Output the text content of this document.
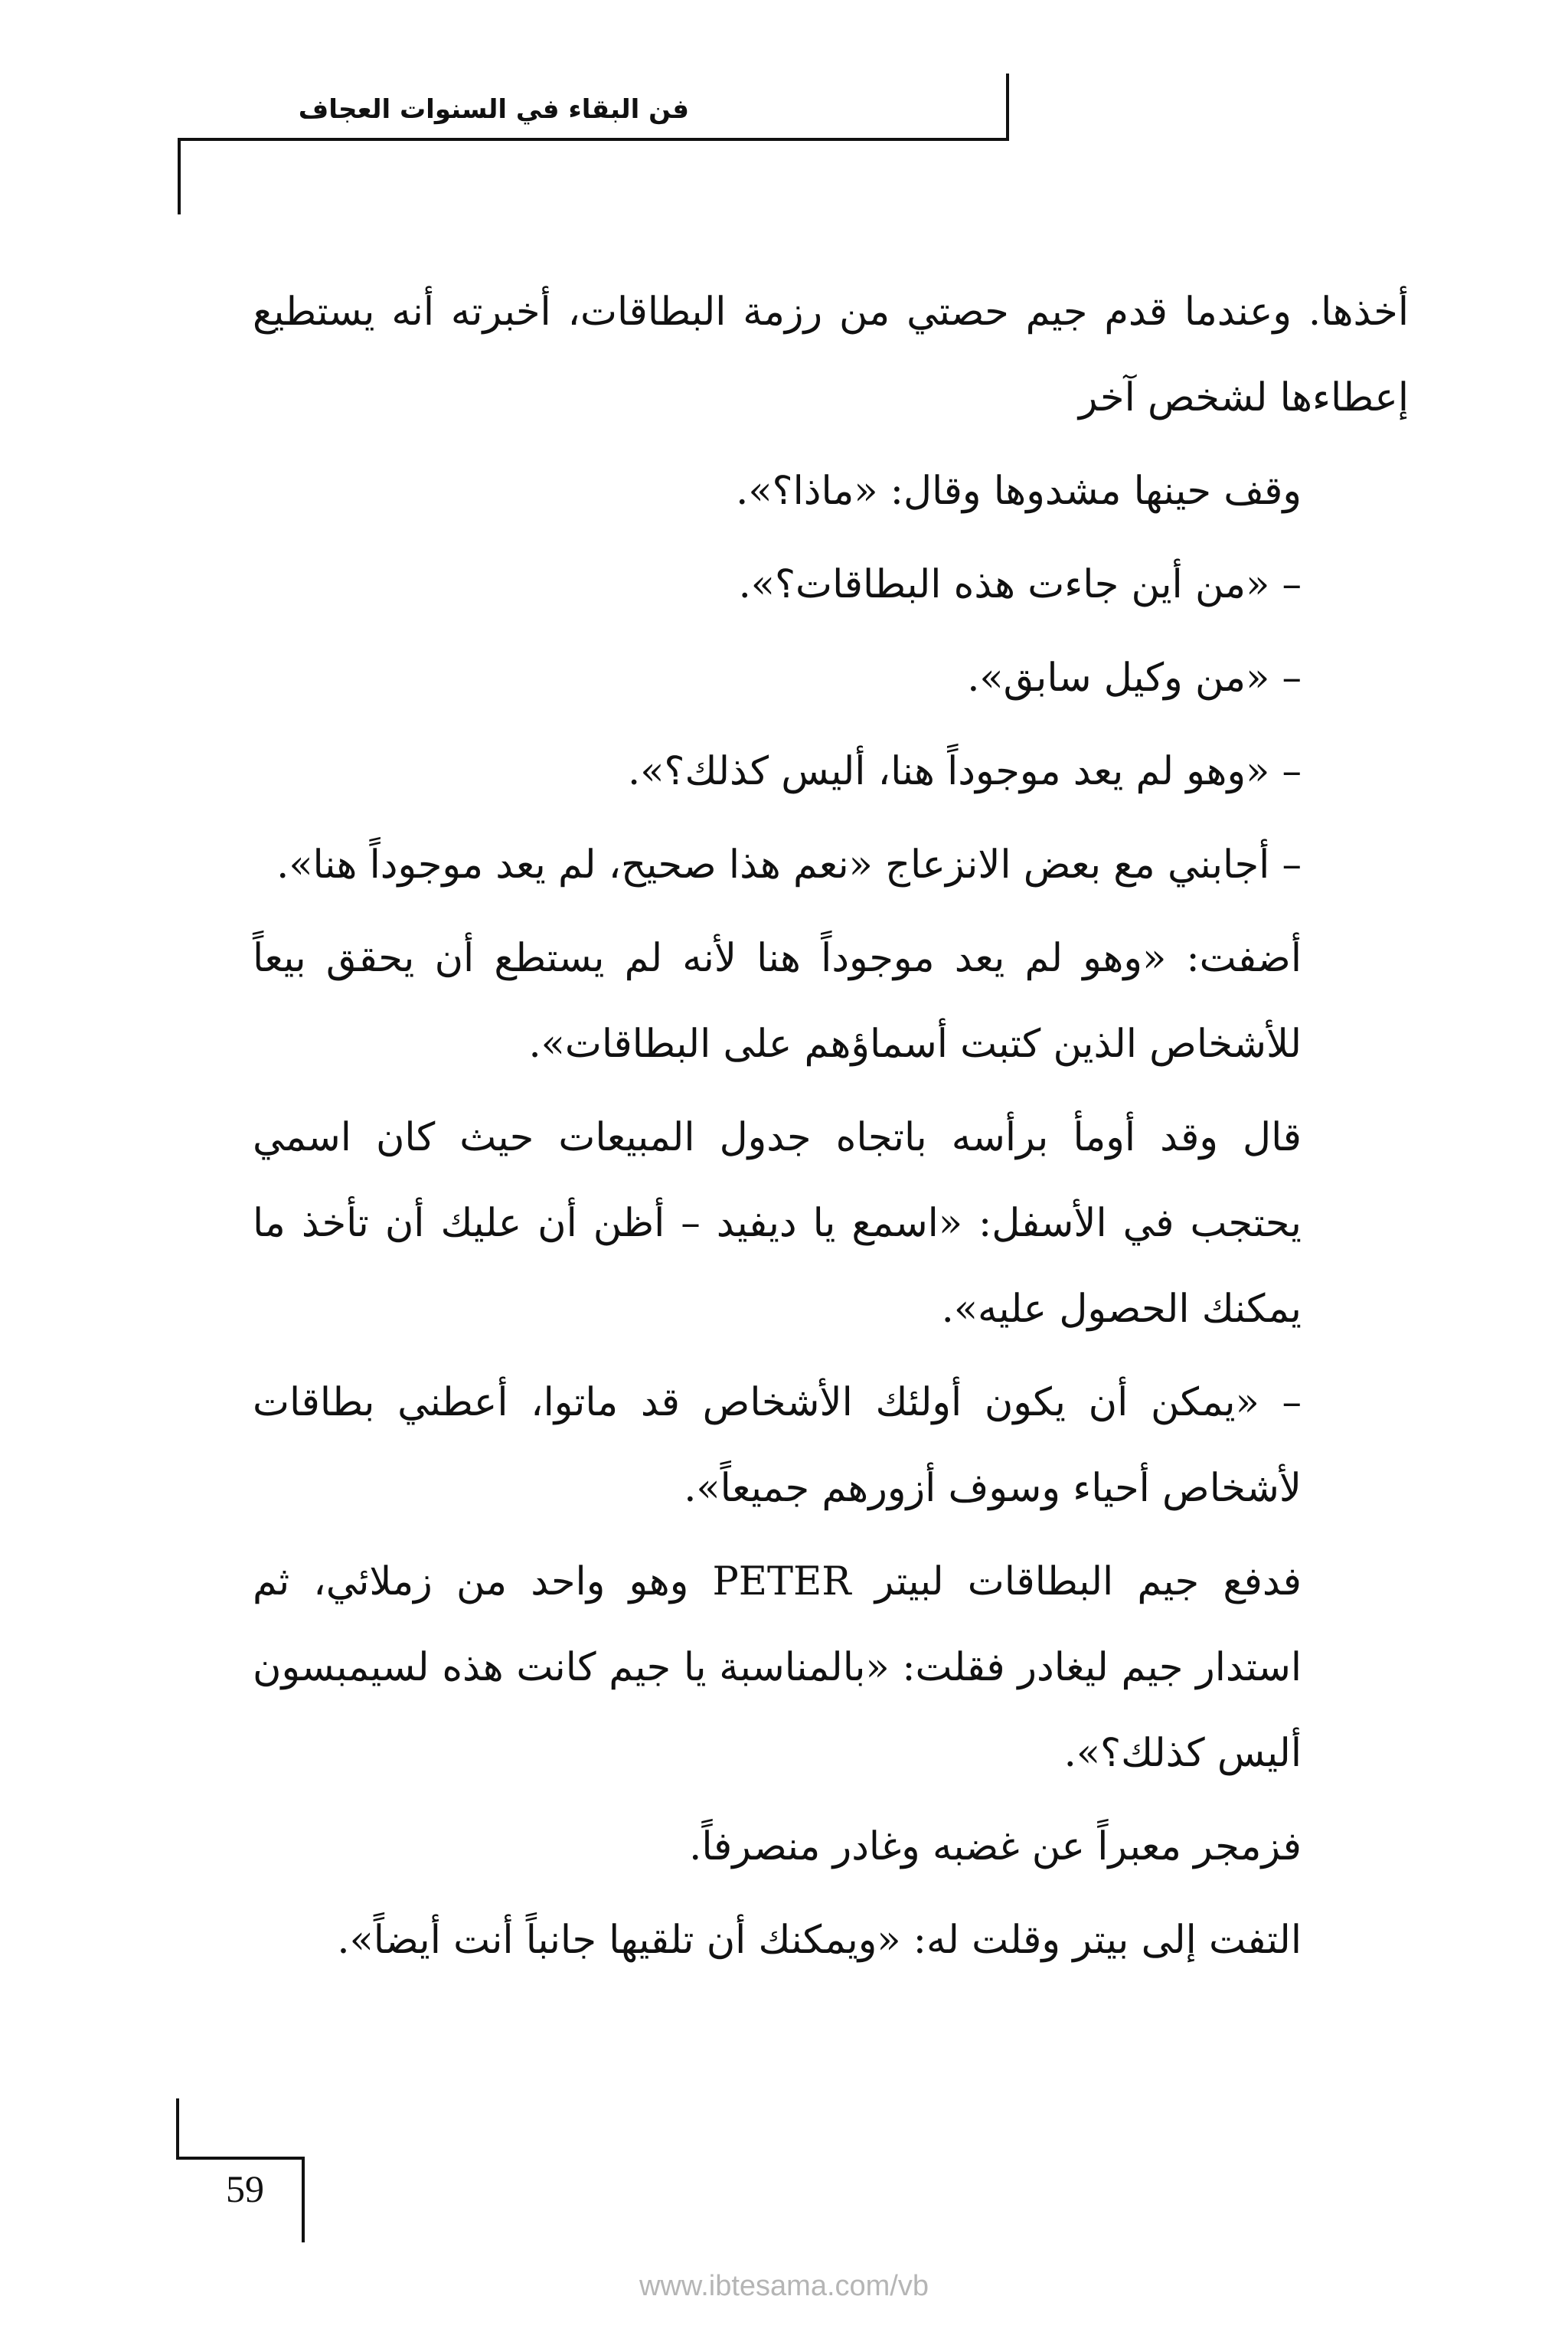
فن البقاء في السنوات العجاف

أخذها. وعندما قدم جيم حصتي من رزمة البطاقات، أخبرته أنه يستطيع إعطاءها لشخص آخر

وقف حينها مشدوها وقال: «ماذا؟».

– «من أين جاءت هذه البطاقات؟».

– «من وكيل سابق».

– «وهو لم يعد موجوداً هنا، أليس كذلك؟».

– أجابني مع بعض الانزعاج «نعم هذا صحيح، لم يعد موجوداً هنا».

أضفت: «وهو لم يعد موجوداً هنا لأنه لم يستطع أن يحقق بيعاً للأشخاص الذين كتبت أسماؤهم على البطاقات».

قال وقد أومأ برأسه باتجاه جدول المبيعات حيث كان اسمي يحتجب في الأسفل: «اسمع يا ديفيد – أظن أن عليك أن تأخذ ما يمكنك الحصول عليه».

– «يمكن أن يكون أولئك الأشخاص قد ماتوا، أعطني بطاقات لأشخاص أحياء وسوف أزورهم جميعاً».

فدفع جيم البطاقات لبيتر PETER وهو واحد من زملائي، ثم استدار جيم ليغادر فقلت: «بالمناسبة يا جيم كانت هذه لسيمبسون أليس كذلك؟».

فزمجر معبراً عن غضبه وغادر منصرفاً.

التفت إلى بيتر وقلت له: «ويمكنك أن تلقيها جانباً أنت أيضاً».

59
www.ibtesama.com/vb
